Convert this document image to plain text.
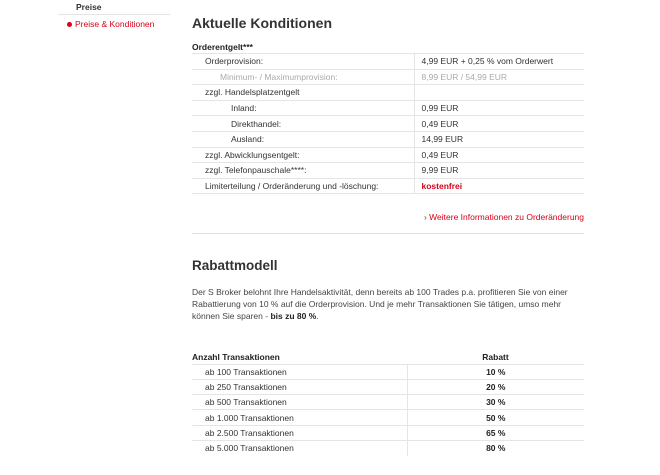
Preise
Preise & Konditionen	Aktuelle Konditionen
Orderentgelt***
Orderprovision:	4,99 EUR + 0,25 % vom Orderwert
Minimum- / Maximumprovision:	8,99 EUR / 54,99 EUR
zzgl. Handelsplatzentgelt	
Inland:	0,99 EUR
Direkthandel:	0,49 EUR
Ausland:	14,99 EUR
zzgl. Abwicklungsentgelt:	0,49 EUR
zzgl. Telefonpauschale****:	9,99 EUR
Limiterteilung / Orderänderung und -löschung:	kostenfrei
› Weitere Informationen zu Orderänderung
Rabattmodell

Der S Broker belohnt Ihre Handelsaktivität, denn bereits ab 100 Trades p.a. profitieren Sie von einer Rabattierung von 10 % auf die Orderprovision. Und je mehr Transaktionen Sie tätigen, umso mehr können Sie sparen - bis zu 80 %.

Anzahl Transaktionen	Rabatt
ab 100 Transaktionen	10 %
ab 250 Transaktionen	20 %
ab 500 Transaktionen	30 %
ab 1.000 Transaktionen	50 %
ab 2.500 Transaktionen	65 %
ab 5.000 Transaktionen	80 %
